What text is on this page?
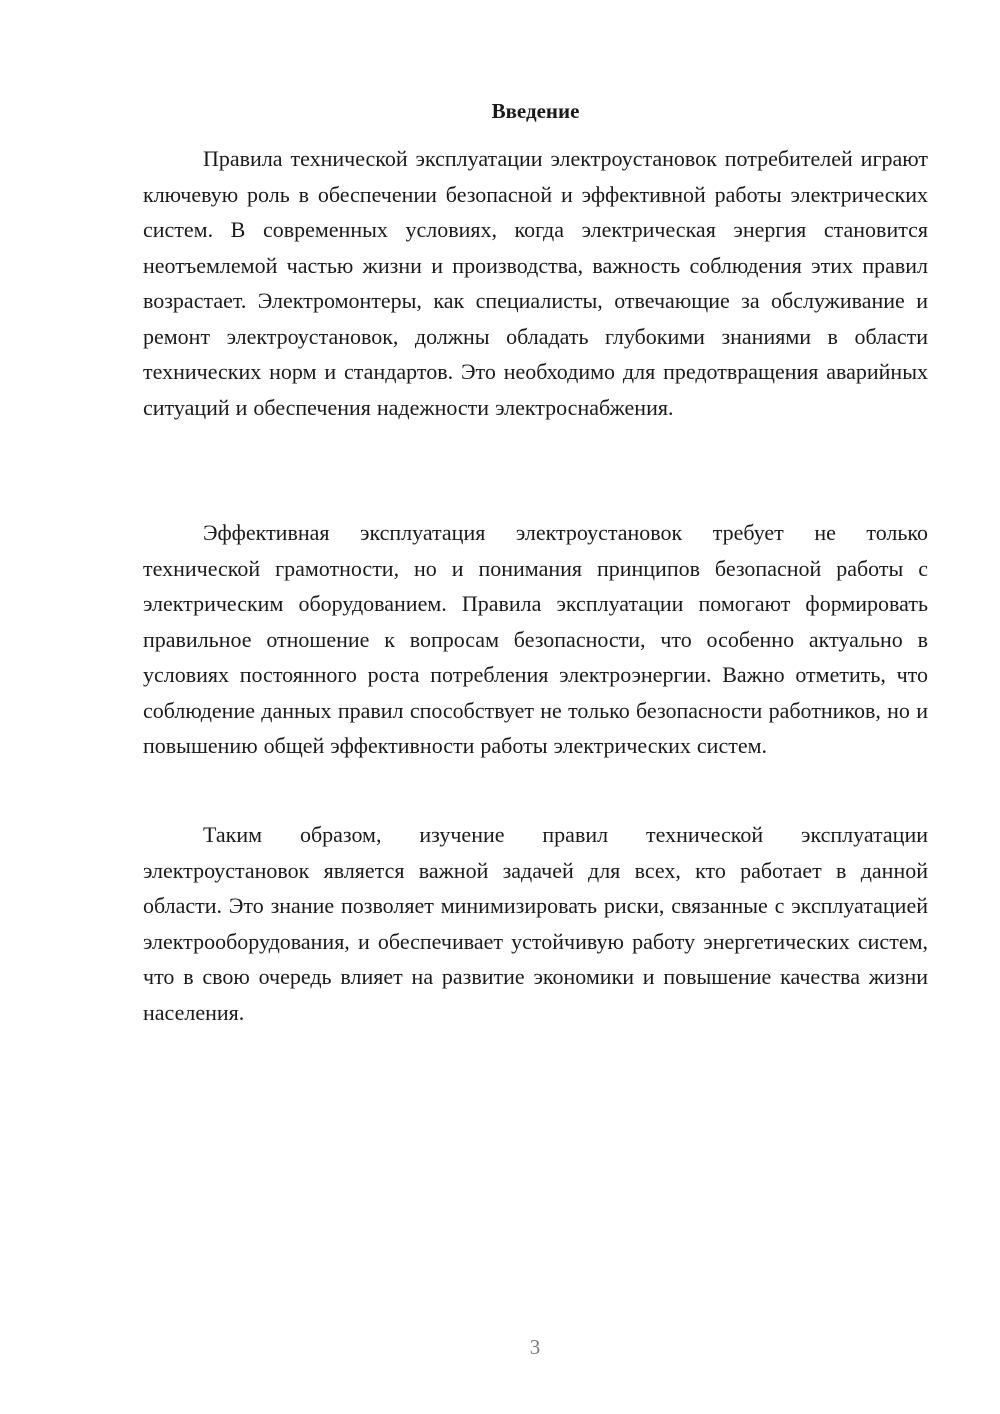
Введение

Правила технической эксплуатации электроустановок потребителей играют ключевую роль в обеспечении безопасной и эффективной работы электрических систем. В современных условиях, когда электрическая энергия становится неотъемлемой частью жизни и производства, важность соблюдения этих правил возрастает. Электромонтеры, как специалисты, отвечающие за обслуживание и ремонт электроустановок, должны обладать глубокими знаниями в области технических норм и стандартов. Это необходимо для предотвращения аварийных ситуаций и обеспечения надежности электроснабжения.

Эффективная эксплуатация электроустановок требует не только технической грамотности, но и понимания принципов безопасной работы с электрическим оборудованием. Правила эксплуатации помогают формировать правильное отношение к вопросам безопасности, что особенно актуально в условиях постоянного роста потребления электроэнергии. Важно отметить, что соблюдение данных правил способствует не только безопасности работников, но и повышению общей эффективности работы электрических систем.

Таким образом, изучение правил технической эксплуатации электроустановок является важной задачей для всех, кто работает в данной области. Это знание позволяет минимизировать риски, связанные с эксплуатацией электрооборудования, и обеспечивает устойчивую работу энергетических систем, что в свою очередь влияет на развитие экономики и повышение качества жизни населения.

3
